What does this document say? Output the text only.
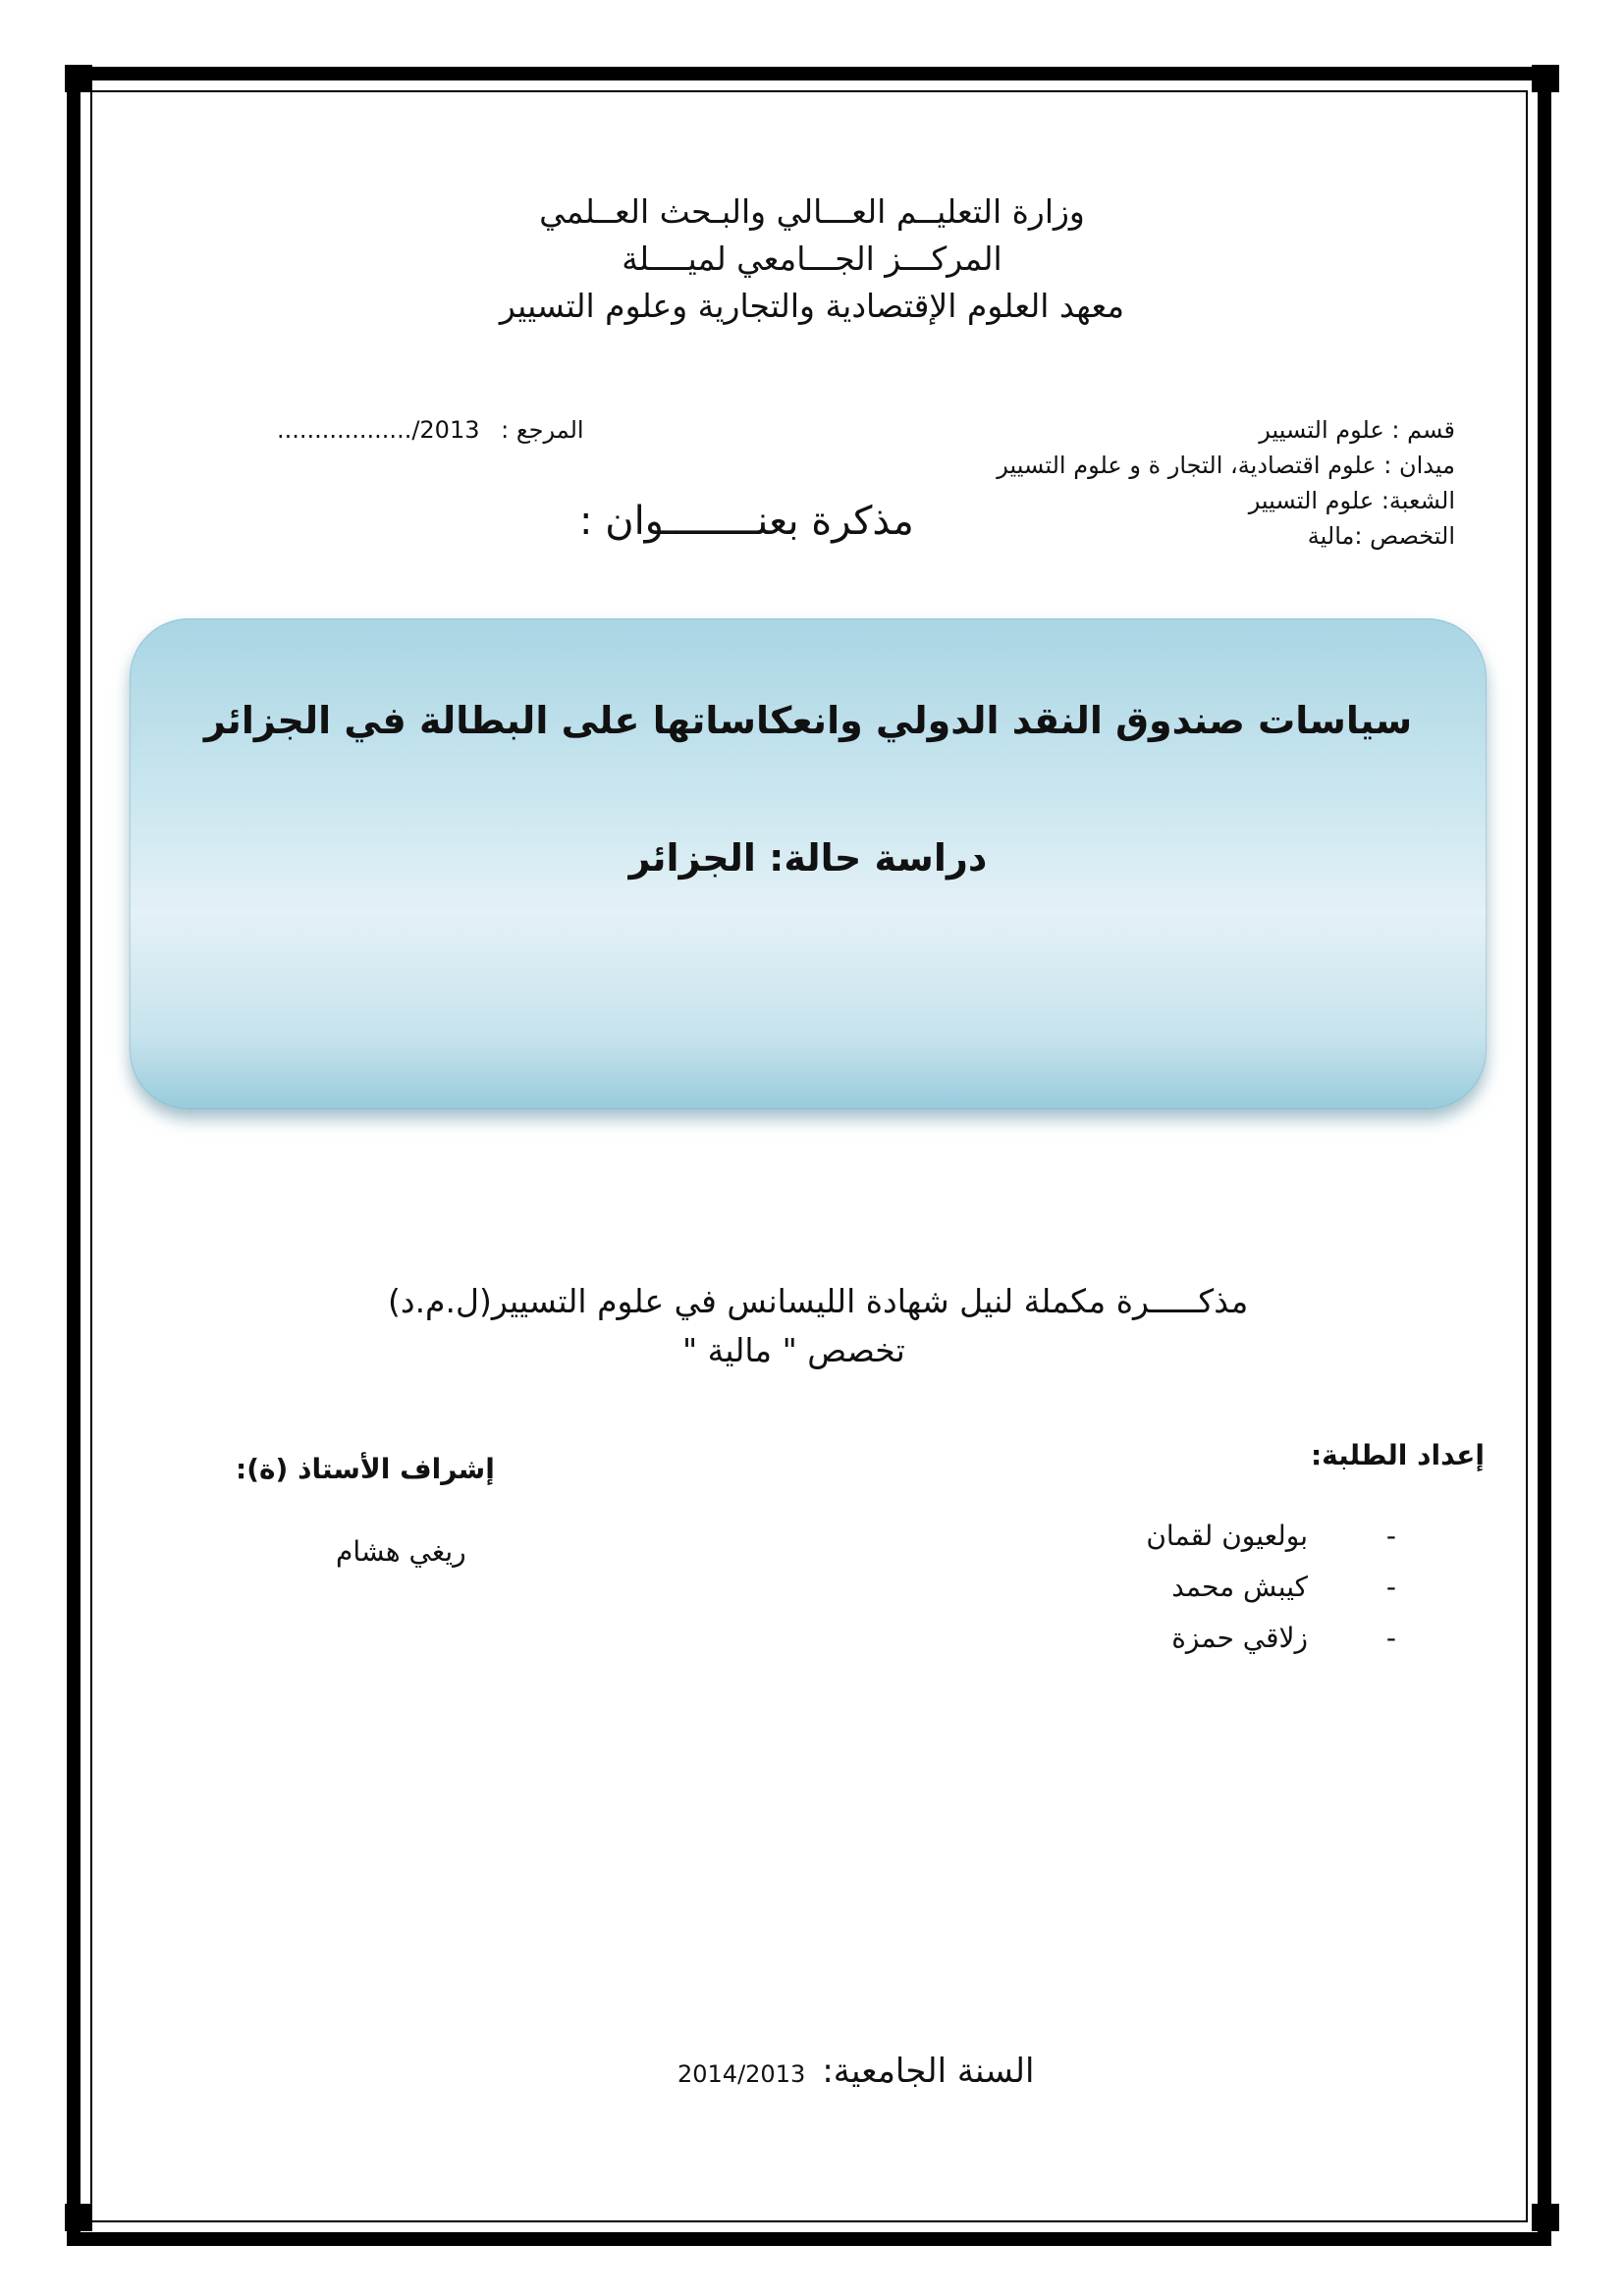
وزارة التعليــم العـــالي والبـحث العــلمي
المركـــز الجـــامعي لميــــلة
معهد العلوم الإقتصادية والتجارية وعلوم التسيير
................../2013 المرجع :	قسم : علوم التسيير
ميدان : علوم اقتصادية، التجار ة و علوم التسيير
الشعبة: علوم التسيير
التخصص :مالية
مذكرة بعنــــــــوان :
سياسات صندوق النقد الدولي وانعكاساتها على البطالة في الجزائر
دراسة حالة: الجزائر
مذكـــــرة مكملة لنيل شهادة الليسانس في علوم التسيير(ل.م.د)
تخصص " مالية "
إعداد الطلبة:
بولعيون لقمان	-
كيبش محمد	-
زلاقي حمزة	-
إشراف الأستاذ (ة):
ريغي هشام
2014/2013 السنة الجامعية:
